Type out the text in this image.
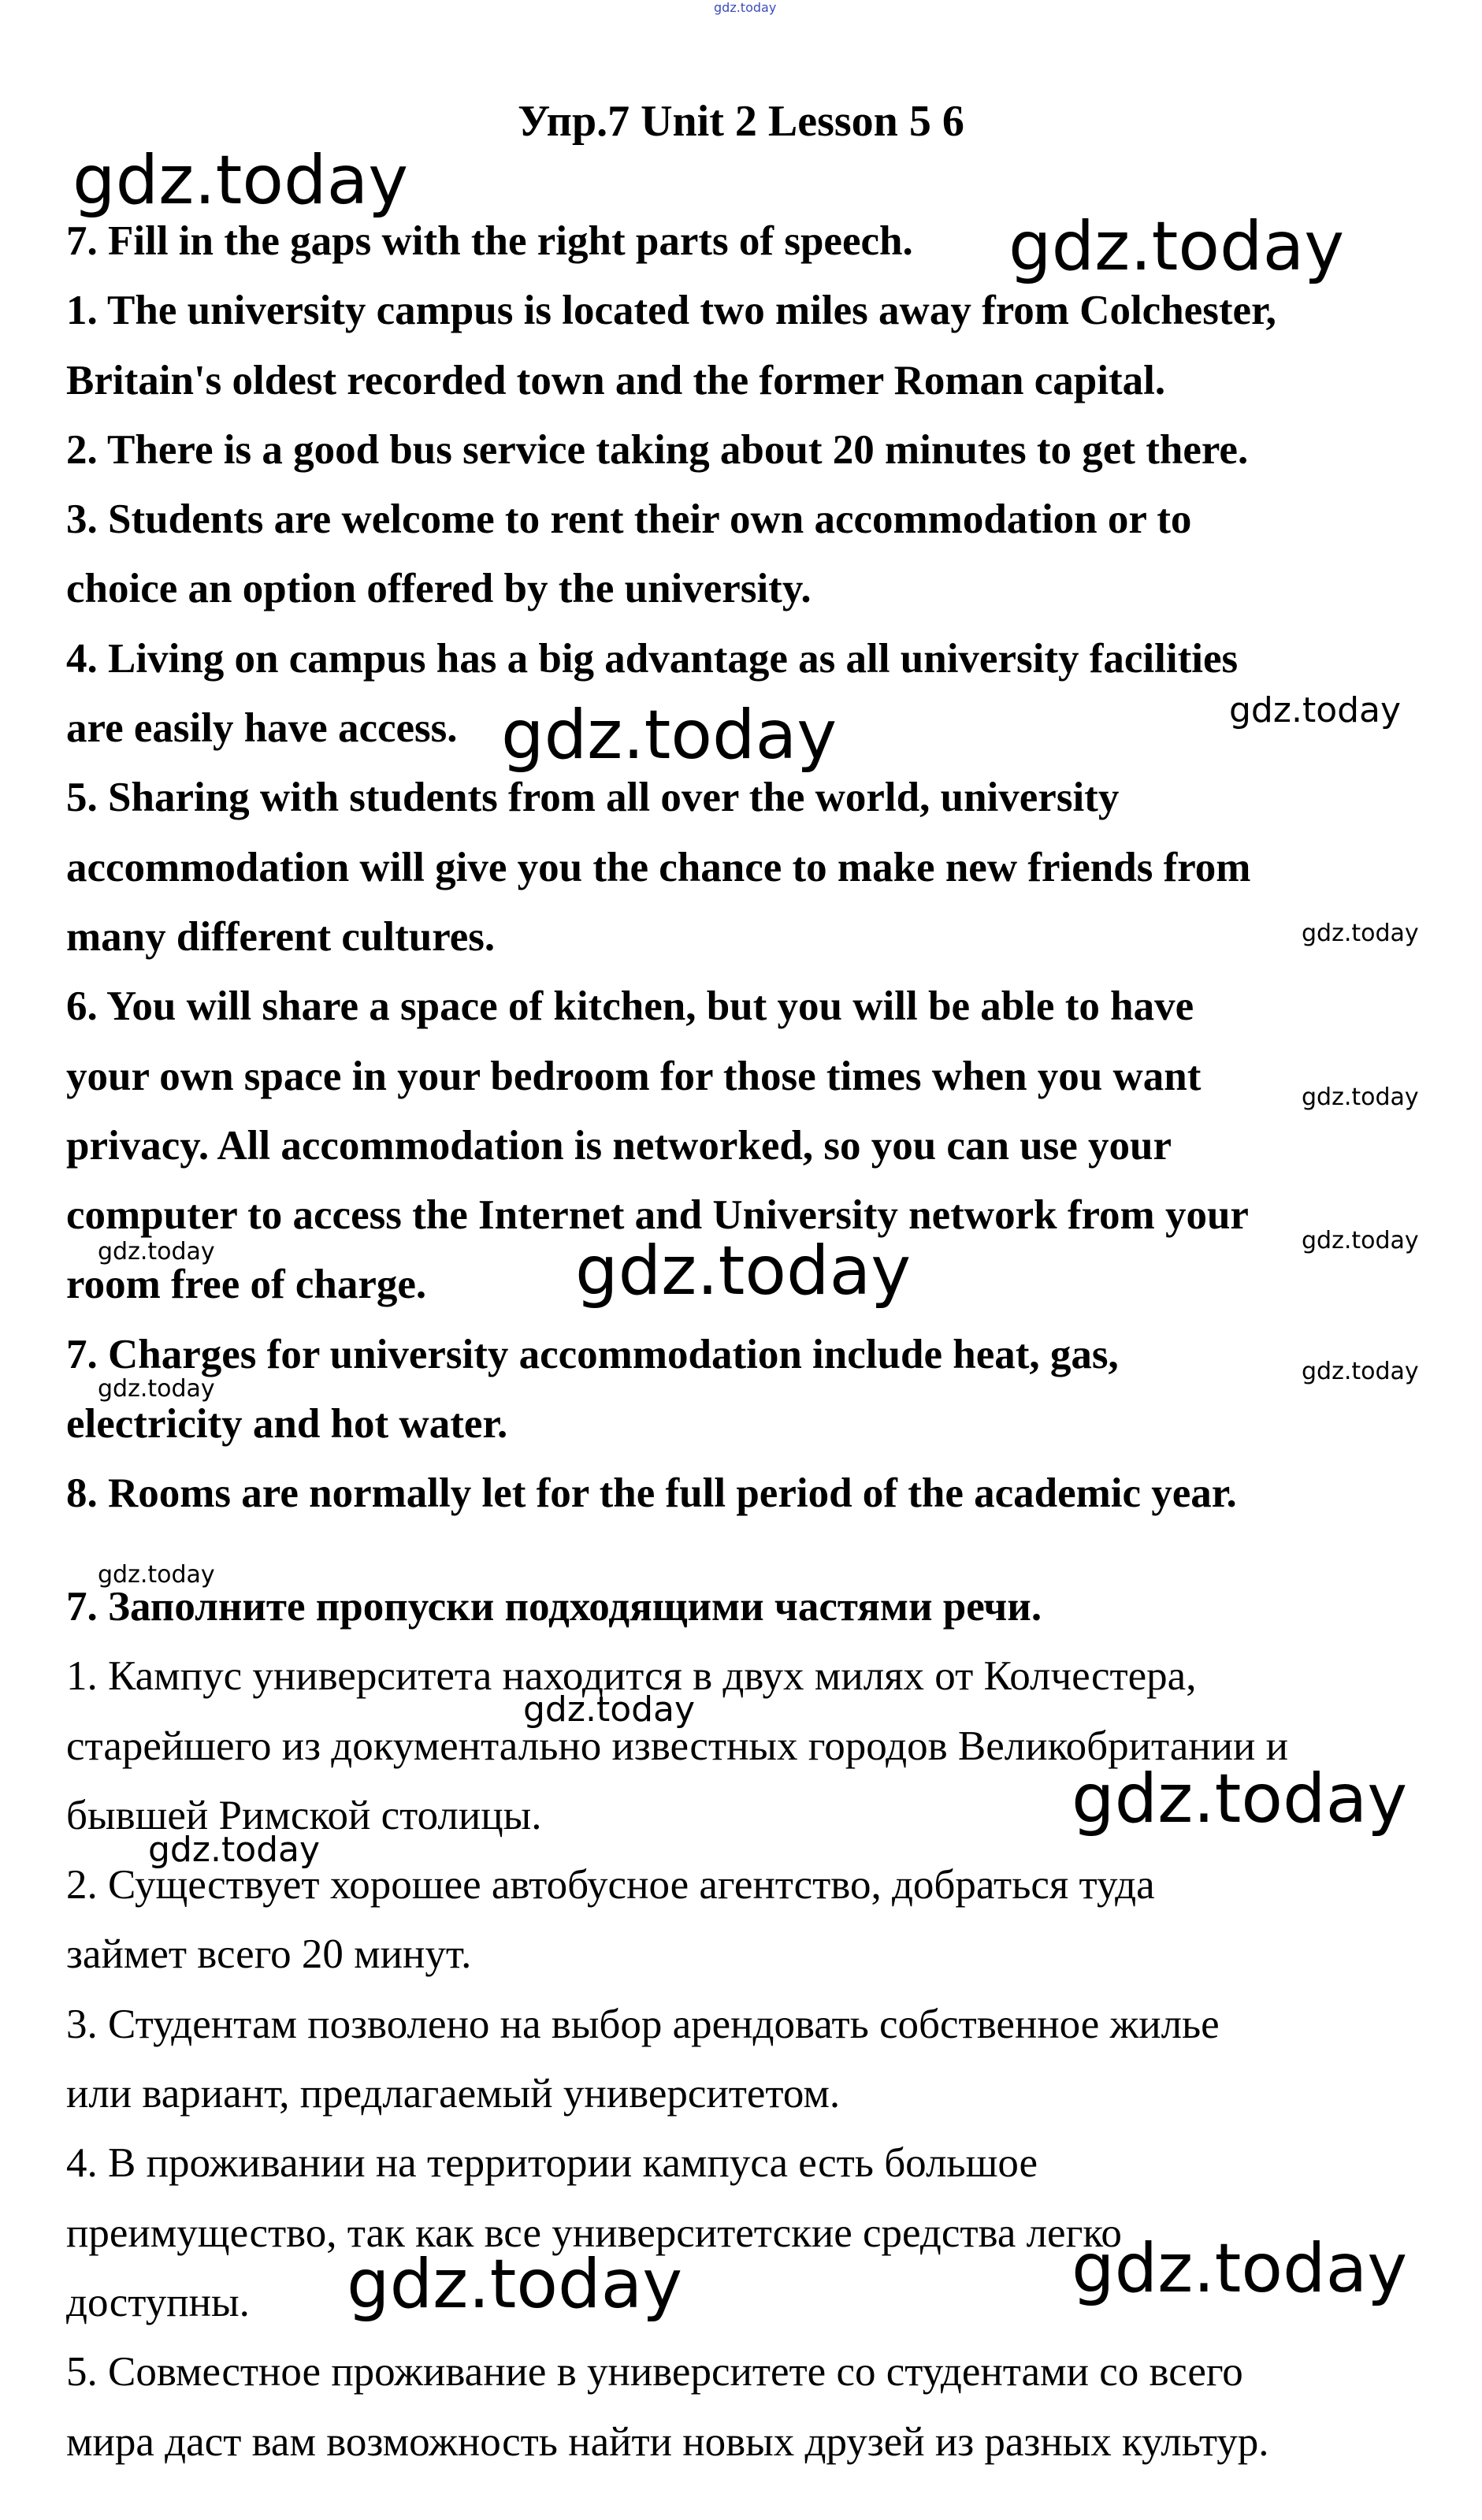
Упр.7 Unit 2 Lesson 5 6
7. Fill in the gaps with the right parts of speech.
1. The university campus is located two miles away from Colchester,
Britain's oldest recorded town and the former Roman capital.
2. There is a good bus service taking about 20 minutes to get there.
3. Students are welcome to rent their own accommodation or to
choice an option offered by the university.
4. Living on campus has a big advantage as all university facilities
are easily have access.
5. Sharing with students from all over the world, university
accommodation will give you the chance to make new friends from
many different cultures.
6. You will share a space of kitchen, but you will be able to have
your own space in your bedroom for those times when you want
privacy. All accommodation is networked, so you can use your
computer to access the Internet and University network from your
room free of charge.
7. Charges for university accommodation include heat, gas,
electricity and hot water.
8. Rooms are normally let for the full period of the academic year.
7. Заполните пропуски подходящими частями речи.
1. Кампус университета находится в двух милях от Колчестера,
старейшего из документально известных городов Великобритании и
бывшей Римской столицы.
2. Существует хорошее автобусное агентство, добраться туда
займет всего 20 минут.
3. Студентам позволено на выбор арендовать собственное жилье
или вариант, предлагаемый университетом.
4. В проживании на территории кампуса есть большое
преимущество, так как все университетские средства легко
доступны.
5. Совместное проживание в университете со студентами со всего
мира даст вам возможность найти новых друзей из разных культур.
gdz.today
gdz.today
gdz.today
gdz.today	gdz.today
gdz.today
gdz.today
gdz.today	gdz.today
gdz.today
gdz.today
gdz.today
gdz.today
gdz.today
gdz.today
gdz.today
gdz.today	gdz.today
